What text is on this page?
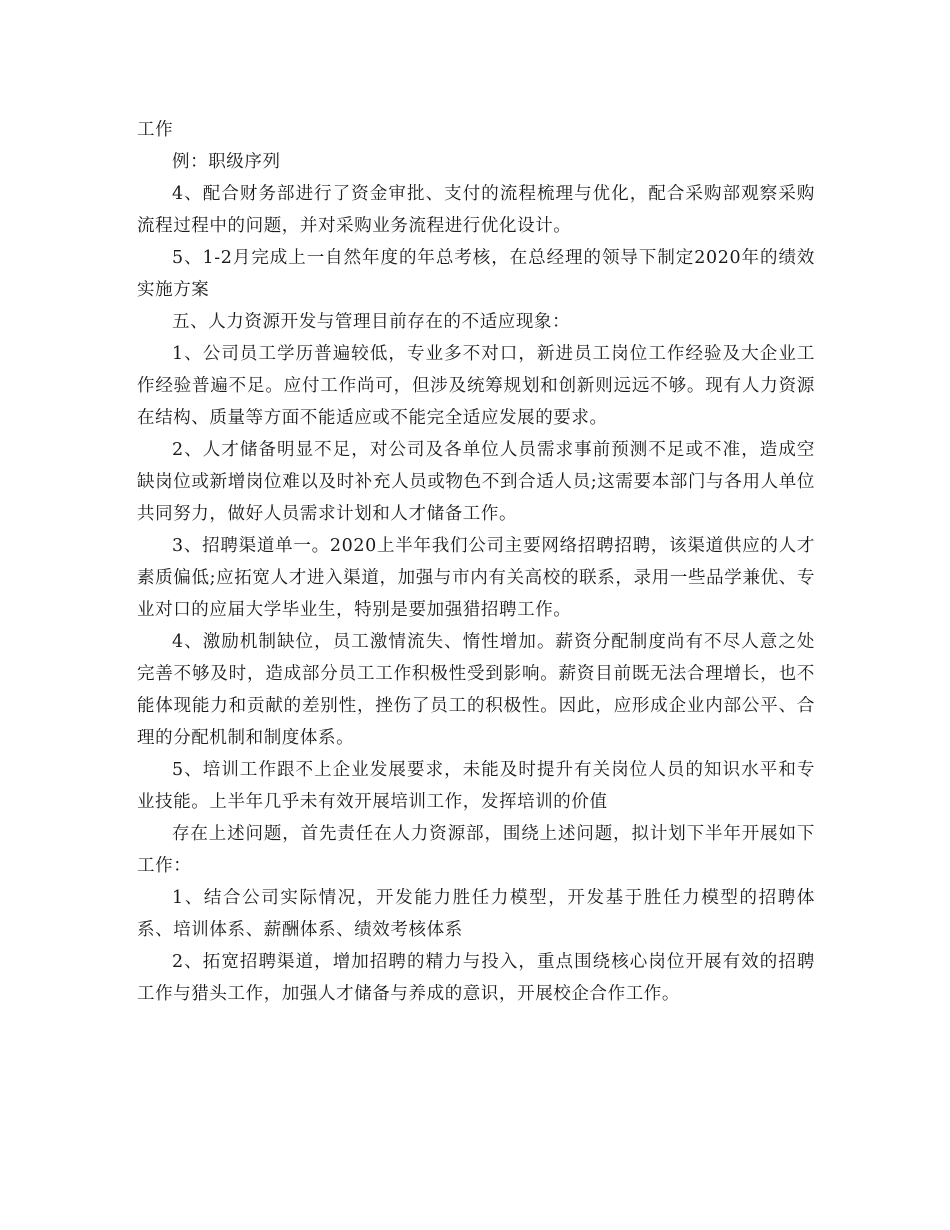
工作

例：职级序列

4、配合财务部进行了资金审批、支付的流程梳理与优化，配合采购部观察采购流程过程中的问题，并对采购业务流程进行优化设计。

5、1-2月完成上一自然年度的年总考核，在总经理的领导下制定2020年的绩效实施方案

五、人力资源开发与管理目前存在的不适应现象：

1、公司员工学历普遍较低，专业多不对口，新进员工岗位工作经验及大企业工作经验普遍不足。应付工作尚可，但涉及统筹规划和创新则远远不够。现有人力资源在结构、质量等方面不能适应或不能完全适应发展的要求。

2、人才储备明显不足，对公司及各单位人员需求事前预测不足或不准，造成空缺岗位或新增岗位难以及时补充人员或物色不到合适人员;这需要本部门与各用人单位共同努力，做好人员需求计划和人才储备工作。

3、招聘渠道单一。2020上半年我们公司主要网络招聘招聘，该渠道供应的人才素质偏低;应拓宽人才进入渠道，加强与市内有关高校的联系，录用一些品学兼优、专业对口的应届大学毕业生，特别是要加强猎招聘工作。

4、激励机制缺位，员工激情流失、惰性增加。薪资分配制度尚有不尽人意之处完善不够及时，造成部分员工工作积极性受到影响。薪资目前既无法合理增长，也不能体现能力和贡献的差别性，挫伤了员工的积极性。因此，应形成企业内部公平、合理的分配机制和制度体系。

5、培训工作跟不上企业发展要求，未能及时提升有关岗位人员的知识水平和专业技能。上半年几乎未有效开展培训工作，发挥培训的价值

存在上述问题，首先责任在人力资源部，围绕上述问题，拟计划下半年开展如下工作：

1、结合公司实际情况，开发能力胜任力模型，开发基于胜任力模型的招聘体系、培训体系、薪酬体系、绩效考核体系

2、拓宽招聘渠道，增加招聘的精力与投入，重点围绕核心岗位开展有效的招聘工作与猎头工作，加强人才储备与养成的意识，开展校企合作工作。
